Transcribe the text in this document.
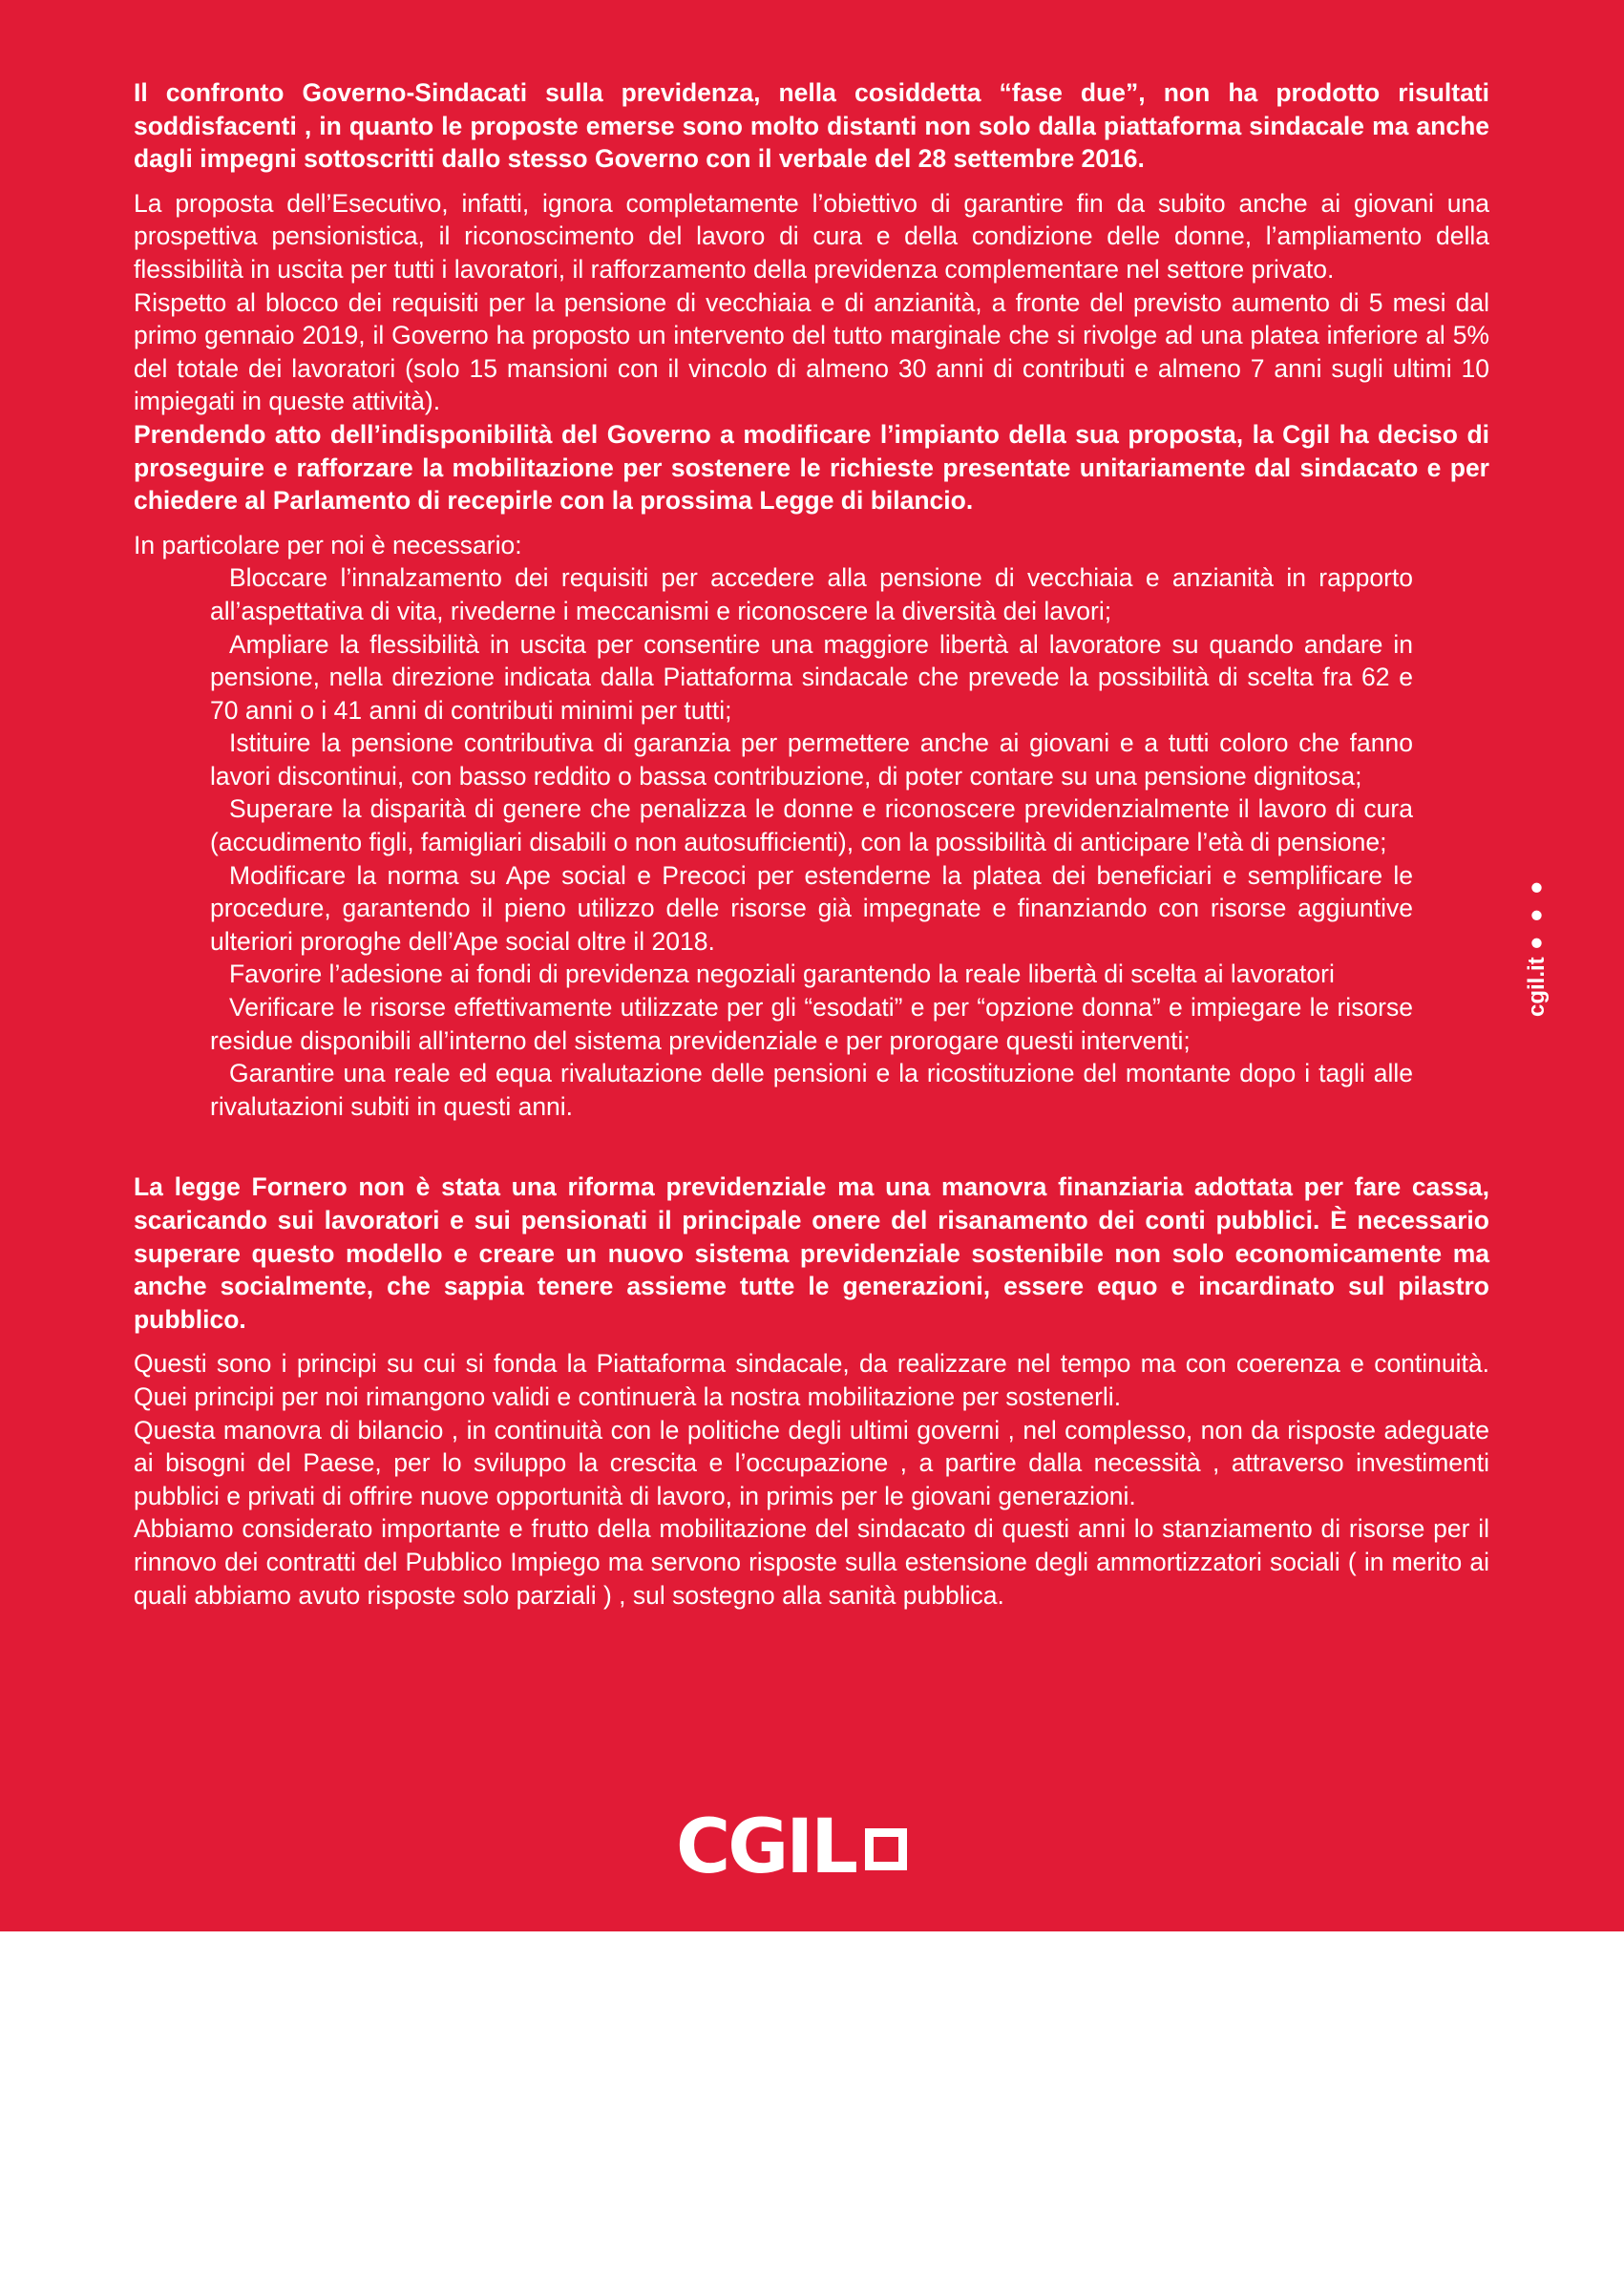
Il confronto Governo-Sindacati sulla previdenza, nella cosiddetta “fase due”, non ha prodotto risultati soddisfacenti , in quanto le proposte emerse sono molto distanti non solo dalla piattaforma sindacale ma anche dagli impegni sottoscritti dallo stesso Governo con il verbale del 28 settembre 2016.

La proposta dell’Esecutivo, infatti, ignora completamente l’obiettivo di garantire fin da subito anche ai giovani una prospettiva pensionistica, il riconoscimento del lavoro di cura e della condizione delle donne, l’ampliamento della flessibilità in uscita per tutti i lavoratori, il rafforzamento della previdenza complementare nel settore privato.

Rispetto al blocco dei requisiti per la pensione di vecchiaia e di anzianità, a fronte del previsto aumento di 5 mesi dal primo gennaio 2019, il Governo ha proposto un intervento del tutto marginale che si rivolge ad una platea inferiore al 5% del totale dei lavoratori (solo 15 mansioni con il vincolo di almeno 30 anni di contributi e almeno 7 anni sugli ultimi 10 impiegati in queste attività).

Prendendo atto dell’indisponibilità del Governo a modificare l’impianto della sua proposta, la Cgil ha deciso di proseguire e rafforzare la mobilitazione per sostenere le richieste presentate unitariamente dal sindacato e per chiedere al Parlamento di recepirle con la prossima Legge di bilancio.

In particolare per noi è necessario:

Bloccare l’innalzamento dei requisiti per accedere alla pensione di vecchiaia e anzianità in rapporto all’aspettativa di vita, rivederne i meccanismi e riconoscere la diversità dei lavori;
Ampliare la flessibilità in uscita per consentire una maggiore libertà al lavoratore su quando andare in pensione, nella direzione indicata dalla Piattaforma sindacale che prevede la possibilità di scelta fra 62 e 70 anni o i 41 anni di contributi minimi per tutti;
Istituire la pensione contributiva di garanzia per permettere anche ai giovani e a tutti coloro che fanno lavori discontinui, con basso reddito o bassa contribuzione, di poter contare su una pensione dignitosa;
Superare la disparità di genere che penalizza le donne e riconoscere previdenzialmente il lavoro di cura (accudimento figli, famigliari disabili o non autosufficienti), con la possibilità di anticipare l’età di pensione;
Modificare la norma su Ape social e Precoci per estenderne la platea dei beneficiari e semplificare le procedure, garantendo il pieno utilizzo delle risorse già impegnate e finanziando con risorse aggiuntive ulteriori proroghe dell’Ape social oltre il 2018.
Favorire l’adesione ai fondi di previdenza negoziali garantendo la reale libertà di scelta ai lavoratori
Verificare le risorse effettivamente utilizzate per gli “esodati” e per “opzione donna” e impiegare le risorse residue disponibili all’interno del sistema previdenziale e per prorogare questi interventi;
Garantire una reale ed equa rivalutazione delle pensioni e la ricostituzione del montante dopo i tagli alle rivalutazioni subiti in questi anni.

La legge Fornero non è stata una riforma previdenziale ma una manovra finanziaria adottata per fare cassa, scaricando sui lavoratori e sui pensionati il principale onere del risanamento dei conti pubblici. È necessario superare questo modello e creare un nuovo sistema previdenziale sostenibile non solo economicamente ma anche socialmente, che sappia tenere assieme tutte le generazioni, essere equo e incardinato sul pilastro pubblico.

Questi sono i principi su cui si fonda la Piattaforma sindacale, da realizzare nel tempo ma con coerenza e continuità. Quei principi per noi rimangono validi e continuerà la nostra mobilitazione per sostenerli.

Questa manovra di bilancio , in continuità con le politiche degli ultimi governi , nel complesso, non da risposte adeguate ai bisogni del Paese, per lo sviluppo la crescita e l’occupazione , a partire dalla necessità , attraverso investimenti pubblici e privati di offrire nuove opportunità di lavoro, in primis per le giovani generazioni.

Abbiamo considerato importante e frutto della mobilitazione del sindacato di questi anni lo stanziamento di risorse per il rinnovo dei contratti del Pubblico Impiego ma servono risposte sulla estensione degli ammortizzatori sociali ( in merito ai quali abbiamo avuto risposte solo parziali ) , sul sostegno alla sanità pubblica.

cgil.it
●●●
CGIL
